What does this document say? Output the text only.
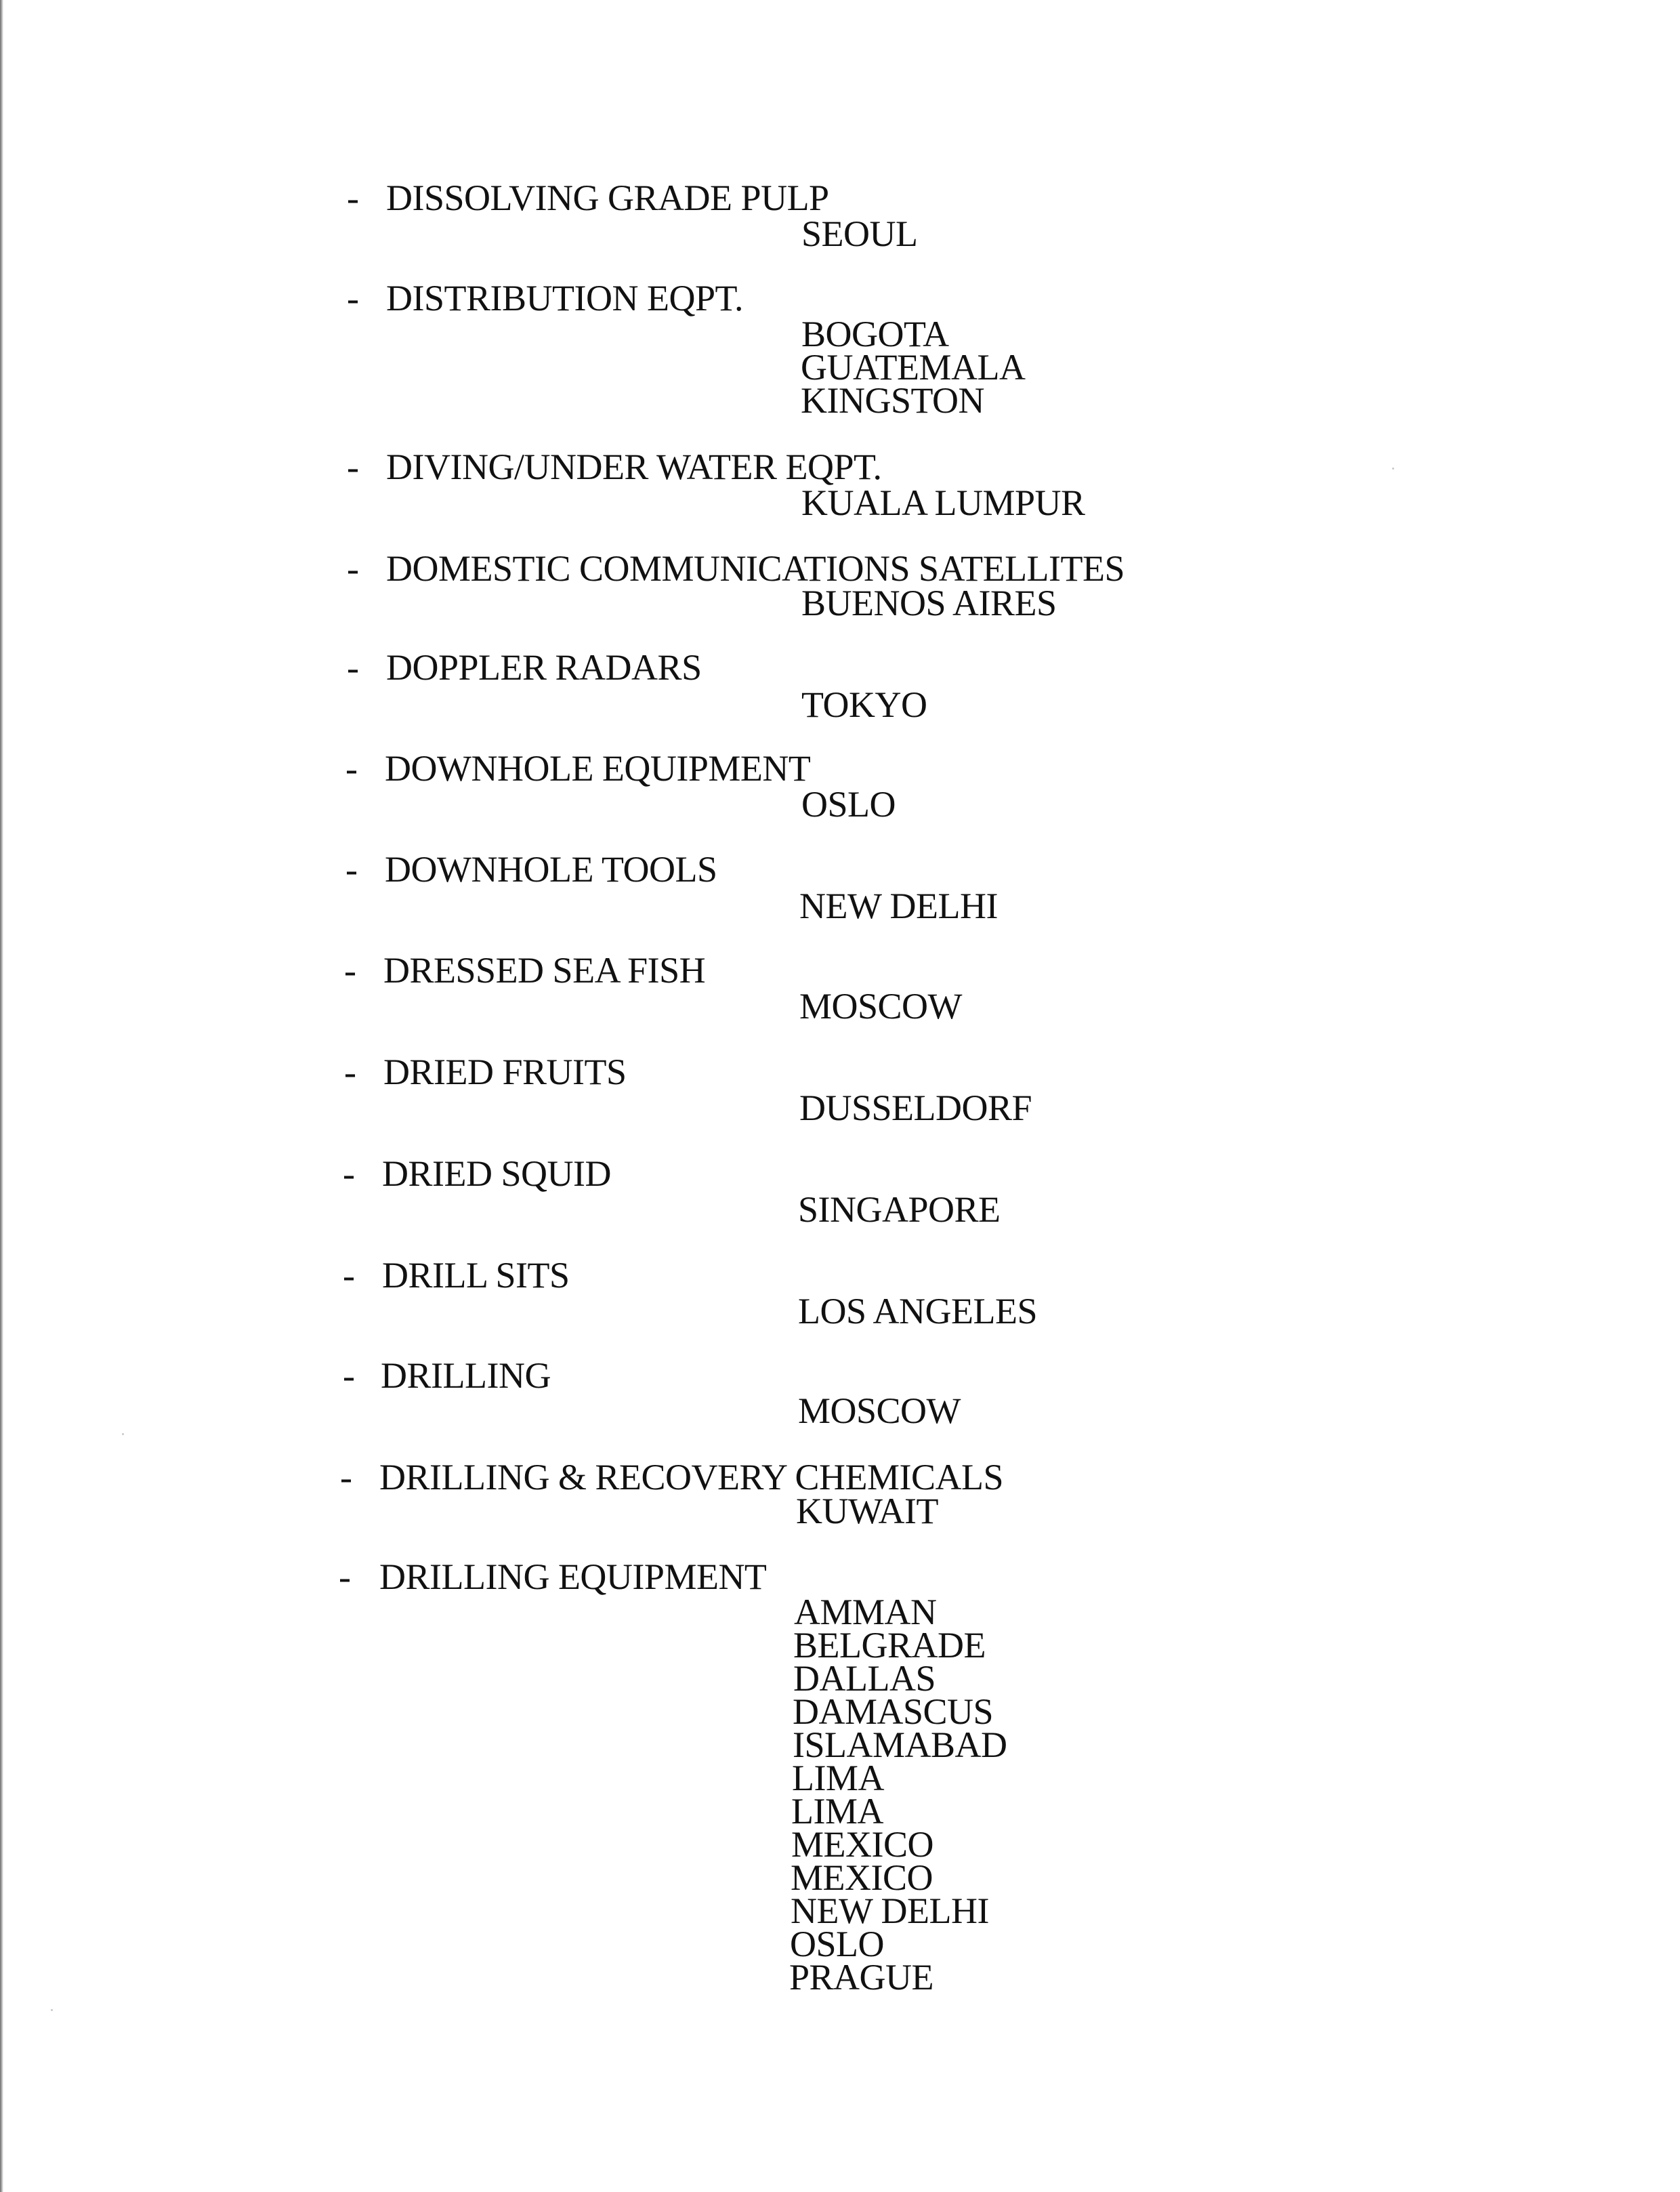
- DISSOLVING GRADE PULP
SEOUL
- DISTRIBUTION EQPT.
BOGOTA
GUATEMALA
KINGSTON
- DIVING/UNDER WATER EQPT.
KUALA LUMPUR
- DOMESTIC COMMUNICATIONS SATELLITES
BUENOS AIRES
- DOPPLER RADARS
TOKYO
- DOWNHOLE EQUIPMENT
OSLO
- DOWNHOLE TOOLS
NEW DELHI
- DRESSED SEA FISH
MOSCOW
- DRIED FRUITS
DUSSELDORF
- DRIED SQUID
SINGAPORE
- DRILL SITS
LOS ANGELES
- DRILLING
MOSCOW
- DRILLING & RECOVERY CHEMICALS
KUWAIT
- DRILLING EQUIPMENT
AMMAN
BELGRADE
DALLAS
DAMASCUS
ISLAMABAD
LIMA
LIMA
MEXICO
MEXICO
NEW DELHI
OSLO
PRAGUE
